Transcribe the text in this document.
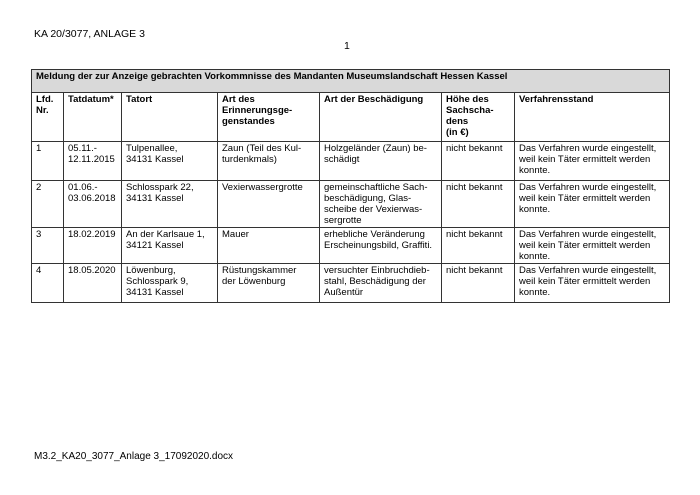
KA 20/3077, ANLAGE 3
1
Meldung der zur Anzeige gebrachten Vorkommnisse des Mandanten Museumslandschaft Hessen Kassel						
Lfd.
Nr.	Tatdatum*	Tatort	Art des
Erinnerungsge-
genstandes	Art der Beschädigung	Höhe des
Sachscha-
dens
(in €)	Verfahrensstand
1	05.11.-
12.11.2015	Tulpenallee,
34131 Kassel	Zaun (Teil des Kul-
turdenkmals)	Holzgeländer (Zaun) be-
schädigt	nicht bekannt	Das Verfahren wurde eingestellt,
weil kein Täter ermittelt werden
konnte.
2	01.06.-
03.06.2018	Schlosspark 22,
34131 Kassel	Vexierwassergrotte	gemeinschaftliche Sach-
beschädigung, Glas-
scheibe der Vexierwas-
sergrotte	nicht bekannt	Das Verfahren wurde eingestellt,
weil kein Täter ermittelt werden
konnte.
3	18.02.2019	An der Karlsaue 1,
34121 Kassel	Mauer	erhebliche Veränderung
Erscheinungsbild, Graffiti.	nicht bekannt	Das Verfahren wurde eingestellt,
weil kein Täter ermittelt werden
konnte.
4	18.05.2020	Löwenburg,
Schlosspark 9,
34131 Kassel	Rüstungskammer
der Löwenburg	versuchter Einbruchdieb-
stahl, Beschädigung der
Außentür	nicht bekannt	Das Verfahren wurde eingestellt,
weil kein Täter ermittelt werden
konnte.
M3.2_KA20_3077_Anlage 3_17092020.docx
